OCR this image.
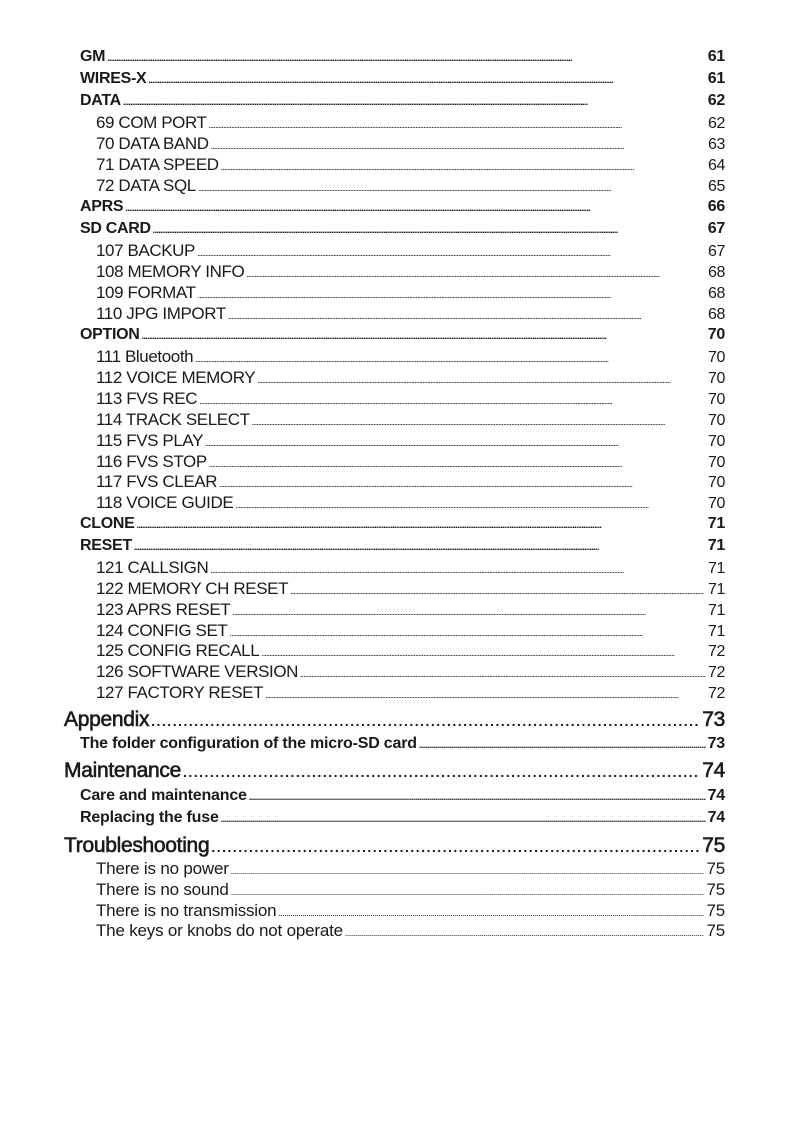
GM . . .	61
WIRES-X . . .	61
DATA . . .	62
69 COM PORT . . .	62
70 DATA BAND . . .	63
71 DATA SPEED . . .	64
72 DATA SQL . . .	65
APRS . . .	66
SD CARD . . .	67
107 BACKUP . . .	67
108 MEMORY INFO . . .	68
109 FORMAT . . .	68
110 JPG IMPORT . . .	68
OPTION . . .	70
111 Bluetooth . . .	70
112 VOICE MEMORY . . .	70
113 FVS REC . . .	70
114 TRACK SELECT . . .	70
115 FVS PLAY . . .	70
116 FVS STOP . . .	70
117 FVS CLEAR . . .	70
118 VOICE GUIDE . . .	70
CLONE . . .	71
RESET . . .	71
121 CALLSIGN . . .	71
122 MEMORY CH RESET . . .	71
123 APRS RESET . . .	71
124 CONFIG SET . . .	71
125 CONFIG RECALL . . .	72
126 SOFTWARE VERSION . . .	72
127 FACTORY RESET . . .	72
Appendix . . .	73
The folder configuration of the micro-SD card . . .	73
Maintenance . . .	74
Care and maintenance . . .	74
Replacing the fuse . . .	74
Troubleshooting . . .	75
There is no power . . .	75
There is no sound . . .	75
There is no transmission . . .	75
The keys or knobs do not operate . . .	75
